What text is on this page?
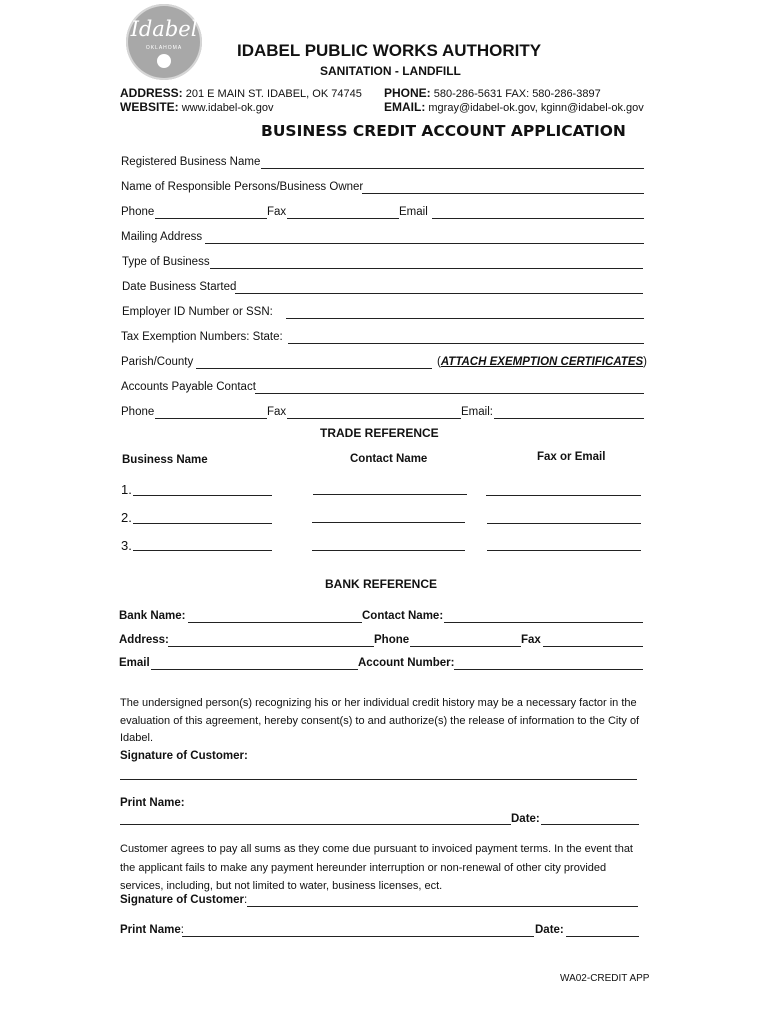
Idabel
OKLAHOMA	IDABEL PUBLIC WORKS AUTHORITY
SANITATION - LANDFILL
ADDRESS: 201 E MAIN ST. IDABEL, OK 74745
WEBSITE: www.idabel-ok.gov
PHONE: 580-286-5631 FAX: 580-286-3897
EMAIL: mgray@idabel-ok.gov, kginn@idabel-ok.gov
BUSINESS CREDIT ACCOUNT APPLICATION
Registered Business Name
Name of Responsible Persons/Business Owner
Phone	Fax	Email
Mailing Address
Type of Business
Date Business Started
Employer ID Number or SSN:
Tax Exemption Numbers: State:
Parish/County	(ATTACH EXEMPTION CERTIFICATES)
Accounts Payable Contact
Phone	Fax	Email:
TRADE REFERENCE
Business Name	Contact Name	Fax or Email
1.
2.
3.
BANK REFERENCE
Bank Name:	Contact Name:
Address:	Phone	Fax
Email	Account Number:
The undersigned person(s) recognizing his or her individual credit history may be a necessary factor in the evaluation of this agreement, hereby consent(s) to and authorize(s) the release of information to the City of Idabel.
Signature of Customer:
Print Name:
Date:
Customer agrees to pay all sums as they come due pursuant to invoiced payment terms. In the event that the applicant fails to make any payment hereunder interruption or non-renewal of other city provided services, including, but not limited to water, business licenses, ect.
Signature of Customer:
Print Name:	Date:
WA02-CREDIT APP
